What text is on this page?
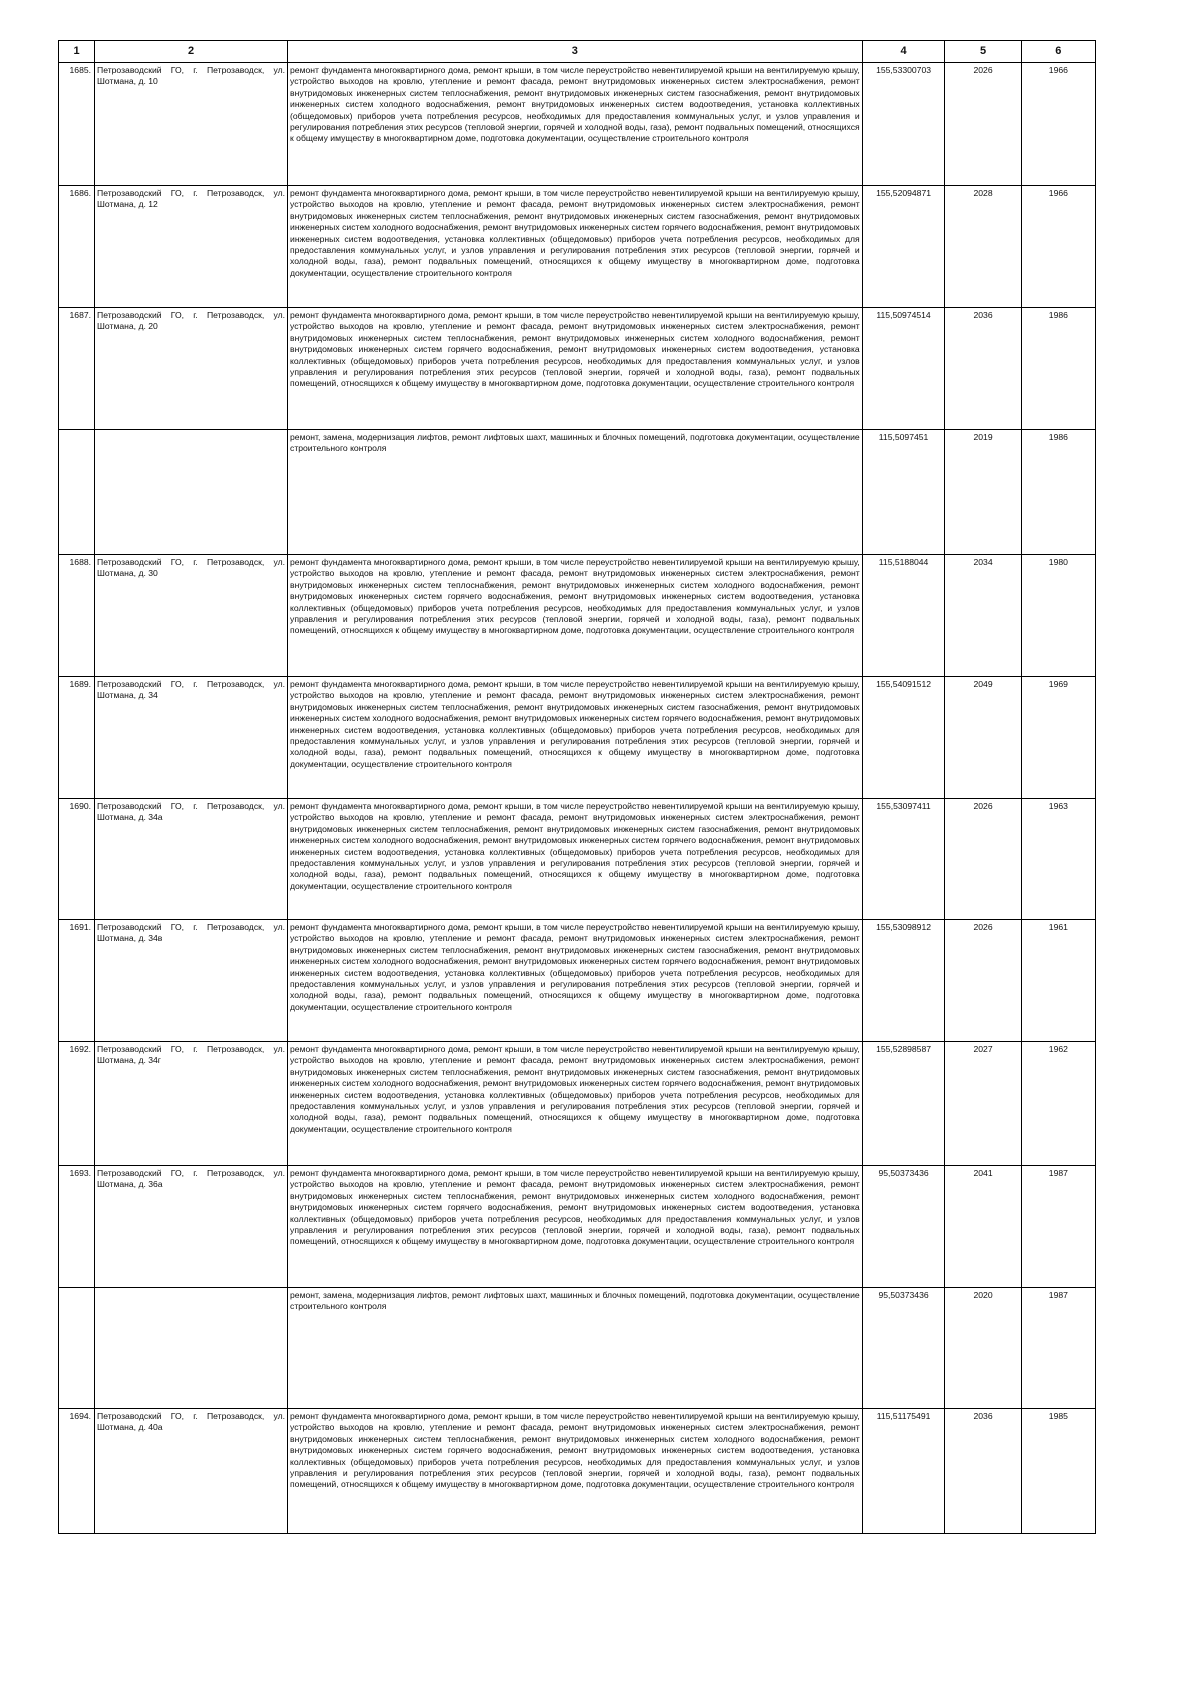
1	2	3	4	5	6
1685.	Петрозаводский ГО, г. Петрозаводск, ул. Шотмана, д. 10	ремонт фундамента многоквартирного дома, ремонт крыши, в том числе переустройство невентилируемой крыши на вентилируемую крышу, устройство выходов на кровлю, утепление и ремонт фасада, ремонт внутридомовых инженерных систем электроснабжения, ремонт внутридомовых инженерных систем теплоснабжения, ремонт внутридомовых инженерных систем газоснабжения, ремонт внутридомовых инженерных систем холодного водоснабжения, ремонт внутридомовых инженерных систем водоотведения, установка коллективных (общедомовых) приборов учета потребления ресурсов, необходимых для предоставления коммунальных услуг, и узлов управления и регулирования потребления этих ресурсов (тепловой энергии, горячей и холодной воды, газа), ремонт подвальных помещений, относящихся к общему имуществу в многоквартирном доме, подготовка документации, осуществление строительного контроля	155,53300703	2026	1966
1686.	Петрозаводский ГО, г. Петрозаводск, ул. Шотмана, д. 12	ремонт фундамента многоквартирного дома, ремонт крыши, в том числе переустройство невентилируемой крыши на вентилируемую крышу, устройство выходов на кровлю, утепление и ремонт фасада, ремонт внутридомовых инженерных систем электроснабжения, ремонт внутридомовых инженерных систем теплоснабжения, ремонт внутридомовых инженерных систем газоснабжения, ремонт внутридомовых инженерных систем холодного водоснабжения, ремонт внутридомовых инженерных систем горячего водоснабжения, ремонт внутридомовых инженерных систем водоотведения, установка коллективных (общедомовых) приборов учета потребления ресурсов, необходимых для предоставления коммунальных услуг, и узлов управления и регулирования потребления этих ресурсов (тепловой энергии, горячей и холодной воды, газа), ремонт подвальных помещений, относящихся к общему имуществу в многоквартирном доме, подготовка документации, осуществление строительного контроля	155,52094871	2028	1966
1687.	Петрозаводский ГО, г. Петрозаводск, ул. Шотмана, д. 20	ремонт фундамента многоквартирного дома, ремонт крыши, в том числе переустройство невентилируемой крыши на вентилируемую крышу, устройство выходов на кровлю, утепление и ремонт фасада, ремонт внутридомовых инженерных систем электроснабжения, ремонт внутридомовых инженерных систем теплоснабжения, ремонт внутридомовых инженерных систем холодного водоснабжения, ремонт внутридомовых инженерных систем горячего водоснабжения, ремонт внутридомовых инженерных систем водоотведения, установка коллективных (общедомовых) приборов учета потребления ресурсов, необходимых для предоставления коммунальных услуг, и узлов управления и регулирования потребления этих ресурсов (тепловой энергии, горячей и холодной воды, газа), ремонт подвальных помещений, относящихся к общему имуществу в многоквартирном доме, подготовка документации, осуществление строительного контроля	115,50974514	2036	1986
		ремонт, замена, модернизация лифтов, ремонт лифтовых шахт, машинных и блочных помещений, подготовка документации, осуществление строительного контроля	115,5097451	2019	1986
1688.	Петрозаводский ГО, г. Петрозаводск, ул. Шотмана, д. 30	ремонт фундамента многоквартирного дома, ремонт крыши, в том числе переустройство невентилируемой крыши на вентилируемую крышу, устройство выходов на кровлю, утепление и ремонт фасада, ремонт внутридомовых инженерных систем электроснабжения, ремонт внутридомовых инженерных систем теплоснабжения, ремонт внутридомовых инженерных систем холодного водоснабжения, ремонт внутридомовых инженерных систем горячего водоснабжения, ремонт внутридомовых инженерных систем водоотведения, установка коллективных (общедомовых) приборов учета потребления ресурсов, необходимых для предоставления коммунальных услуг, и узлов управления и регулирования потребления этих ресурсов (тепловой энергии, горячей и холодной воды, газа), ремонт подвальных помещений, относящихся к общему имуществу в многоквартирном доме, подготовка документации, осуществление строительного контроля	115,5188044	2034	1980
1689.	Петрозаводский ГО, г. Петрозаводск, ул. Шотмана, д. 34	ремонт фундамента многоквартирного дома, ремонт крыши, в том числе переустройство невентилируемой крыши на вентилируемую крышу, устройство выходов на кровлю, утепление и ремонт фасада, ремонт внутридомовых инженерных систем электроснабжения, ремонт внутридомовых инженерных систем теплоснабжения, ремонт внутридомовых инженерных систем газоснабжения, ремонт внутридомовых инженерных систем холодного водоснабжения, ремонт внутридомовых инженерных систем горячего водоснабжения, ремонт внутридомовых инженерных систем водоотведения, установка коллективных (общедомовых) приборов учета потребления ресурсов, необходимых для предоставления коммунальных услуг, и узлов управления и регулирования потребления этих ресурсов (тепловой энергии, горячей и холодной воды, газа), ремонт подвальных помещений, относящихся к общему имуществу в многоквартирном доме, подготовка документации, осуществление строительного контроля	155,54091512	2049	1969
1690.	Петрозаводский ГО, г. Петрозаводск, ул. Шотмана, д. 34а	ремонт фундамента многоквартирного дома, ремонт крыши, в том числе переустройство невентилируемой крыши на вентилируемую крышу, устройство выходов на кровлю, утепление и ремонт фасада, ремонт внутридомовых инженерных систем электроснабжения, ремонт внутридомовых инженерных систем теплоснабжения, ремонт внутридомовых инженерных систем газоснабжения, ремонт внутридомовых инженерных систем холодного водоснабжения, ремонт внутридомовых инженерных систем горячего водоснабжения, ремонт внутридомовых инженерных систем водоотведения, установка коллективных (общедомовых) приборов учета потребления ресурсов, необходимых для предоставления коммунальных услуг, и узлов управления и регулирования потребления этих ресурсов (тепловой энергии, горячей и холодной воды, газа), ремонт подвальных помещений, относящихся к общему имуществу в многоквартирном доме, подготовка документации, осуществление строительного контроля	155,53097411	2026	1963
1691.	Петрозаводский ГО, г. Петрозаводск, ул. Шотмана, д. 34в	ремонт фундамента многоквартирного дома, ремонт крыши, в том числе переустройство невентилируемой крыши на вентилируемую крышу, устройство выходов на кровлю, утепление и ремонт фасада, ремонт внутридомовых инженерных систем электроснабжения, ремонт внутридомовых инженерных систем теплоснабжения, ремонт внутридомовых инженерных систем газоснабжения, ремонт внутридомовых инженерных систем холодного водоснабжения, ремонт внутридомовых инженерных систем горячего водоснабжения, ремонт внутридомовых инженерных систем водоотведения, установка коллективных (общедомовых) приборов учета потребления ресурсов, необходимых для предоставления коммунальных услуг, и узлов управления и регулирования потребления этих ресурсов (тепловой энергии, горячей и холодной воды, газа), ремонт подвальных помещений, относящихся к общему имуществу в многоквартирном доме, подготовка документации, осуществление строительного контроля	155,53098912	2026	1961
1692.	Петрозаводский ГО, г. Петрозаводск, ул. Шотмана, д. 34г	ремонт фундамента многоквартирного дома, ремонт крыши, в том числе переустройство невентилируемой крыши на вентилируемую крышу, устройство выходов на кровлю, утепление и ремонт фасада, ремонт внутридомовых инженерных систем электроснабжения, ремонт внутридомовых инженерных систем теплоснабжения, ремонт внутридомовых инженерных систем газоснабжения, ремонт внутридомовых инженерных систем холодного водоснабжения, ремонт внутридомовых инженерных систем горячего водоснабжения, ремонт внутридомовых инженерных систем водоотведения, установка коллективных (общедомовых) приборов учета потребления ресурсов, необходимых для предоставления коммунальных услуг, и узлов управления и регулирования потребления этих ресурсов (тепловой энергии, горячей и холодной воды, газа), ремонт подвальных помещений, относящихся к общему имуществу в многоквартирном доме, подготовка документации, осуществление строительного контроля	155,52898587	2027	1962
1693.	Петрозаводский ГО, г. Петрозаводск, ул. Шотмана, д. 36а	ремонт фундамента многоквартирного дома, ремонт крыши, в том числе переустройство невентилируемой крыши на вентилируемую крышу, устройство выходов на кровлю, утепление и ремонт фасада, ремонт внутридомовых инженерных систем электроснабжения, ремонт внутридомовых инженерных систем теплоснабжения, ремонт внутридомовых инженерных систем холодного водоснабжения, ремонт внутридомовых инженерных систем горячего водоснабжения, ремонт внутридомовых инженерных систем водоотведения, установка коллективных (общедомовых) приборов учета потребления ресурсов, необходимых для предоставления коммунальных услуг, и узлов управления и регулирования потребления этих ресурсов (тепловой энергии, горячей и холодной воды, газа), ремонт подвальных помещений, относящихся к общему имуществу в многоквартирном доме, подготовка документации, осуществление строительного контроля	95,50373436	2041	1987
		ремонт, замена, модернизация лифтов, ремонт лифтовых шахт, машинных и блочных помещений, подготовка документации, осуществление строительного контроля	95,50373436	2020	1987
1694.	Петрозаводский ГО, г. Петрозаводск, ул. Шотмана, д. 40а	ремонт фундамента многоквартирного дома, ремонт крыши, в том числе переустройство невентилируемой крыши на вентилируемую крышу, устройство выходов на кровлю, утепление и ремонт фасада, ремонт внутридомовых инженерных систем электроснабжения, ремонт внутридомовых инженерных систем теплоснабжения, ремонт внутридомовых инженерных систем холодного водоснабжения, ремонт внутридомовых инженерных систем горячего водоснабжения, ремонт внутридомовых инженерных систем водоотведения, установка коллективных (общедомовых) приборов учета потребления ресурсов, необходимых для предоставления коммунальных услуг, и узлов управления и регулирования потребления этих ресурсов (тепловой энергии, горячей и холодной воды, газа), ремонт подвальных помещений, относящихся к общему имуществу в многоквартирном доме, подготовка документации, осуществление строительного контроля	115,51175491	2036	1985
